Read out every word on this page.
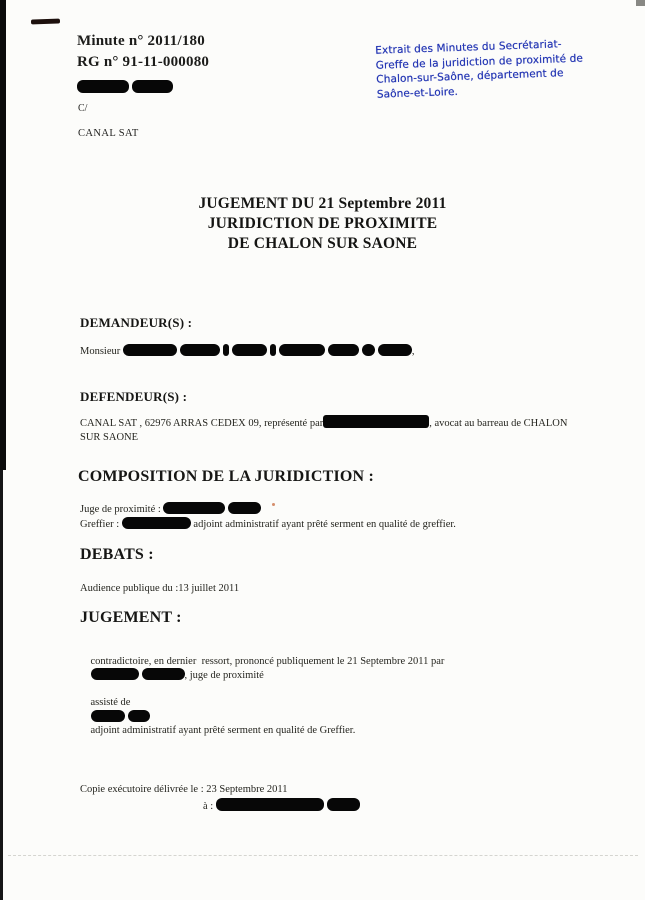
Minute n° 2011/180
RG n° 91-11-000080
C/
CANAL SAT
Extrait des Minutes du Secrétariat-
Greffe de la juridiction de proximité de
Chalon-sur-Saône, département de
Saône-et-Loire.
JUGEMENT DU 21 Septembre 2011
JURIDICTION DE PROXIMITE
DE CHALON SUR SAONE
DEMANDEUR(S) :
Monsieur	,
DEFENDEUR(S) :
CANAL SAT , 62976 ARRAS CEDEX 09, représenté par	, avocat au barreau de CHALON
SUR SAONE
COMPOSITION DE LA JURIDICTION :
Juge de proximité :
Greffier :	adjoint administratif ayant prêté serment en qualité de greffier.
DEBATS :
Audience publique du :13 juillet 2011
JUGEMENT :

contradictoire, en dernier  ressort, prononcé publiquement le 21 Septembre 2011 par

, juge de proximité

assisté de

adjoint administratif ayant prêté serment en qualité de Greffier.

Copie exécutoire délivrée le : 23 Septembre 2011
à :
